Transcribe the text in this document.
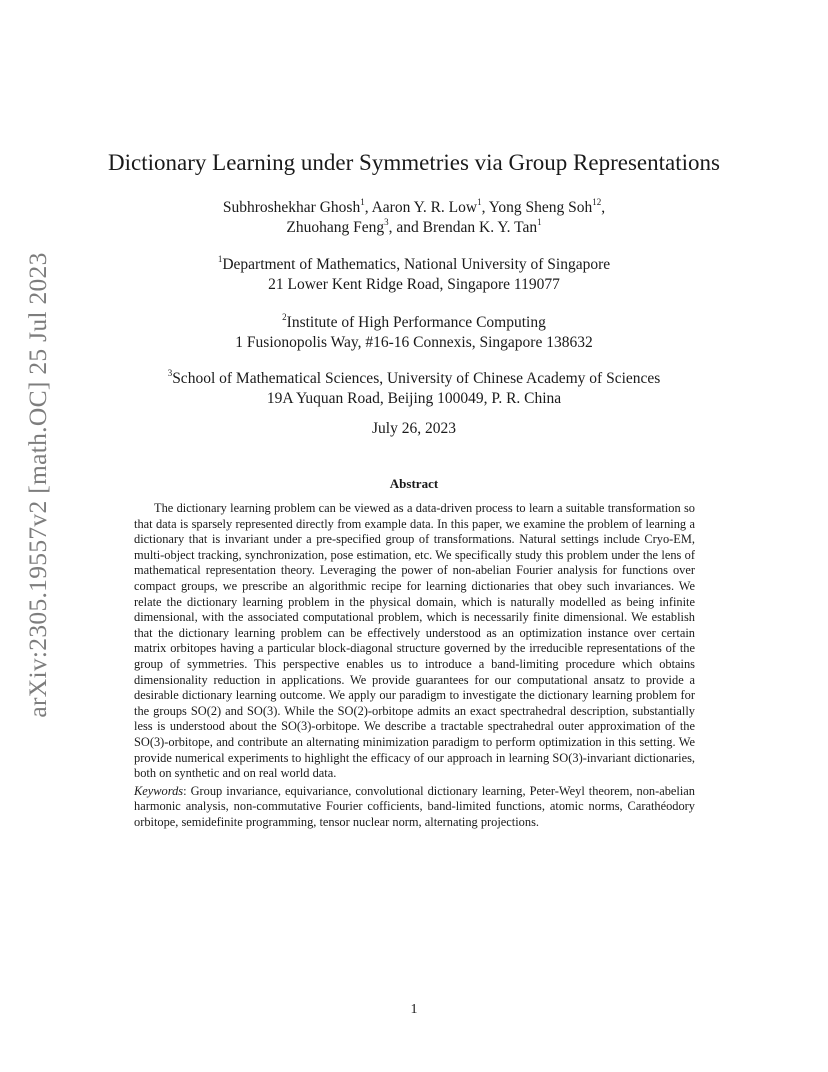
arXiv:2305.19557v2 [math.OC] 25 Jul 2023
Dictionary Learning under Symmetries via Group Representations
Subhroshekhar Ghosh$^1$, Aaron Y. R. Low$^1$, Yong Sheng Soh$^{12}$,
Zhuohang Feng$^3$, and Brendan K. Y. Tan$^1$
$^1$Department of Mathematics, National University of Singapore
21 Lower Kent Ridge Road, Singapore 119077
$^2$Institute of High Performance Computing
1 Fusionopolis Way, #16-16 Connexis, Singapore 138632
$^3$School of Mathematical Sciences, University of Chinese Academy of Sciences
19A Yuquan Road, Beijing 100049, P. R. China
July 26, 2023
Abstract

The dictionary learning problem can be viewed as a data-driven process to learn a suitable transformation so that data is sparsely represented directly from example data. In this paper, we examine the problem of learning a dictionary that is invariant under a pre-specified group of transformations. Natural settings include Cryo-EM, multi-object tracking, synchronization, pose estimation, etc. We specifically study this problem under the lens of mathematical representation theory. Leveraging the power of non-abelian Fourier analysis for functions over compact groups, we prescribe an algorithmic recipe for learning dictionaries that obey such invariances. We relate the dictionary learning problem in the physical domain, which is naturally modelled as being infinite dimensional, with the associated computational problem, which is necessarily finite dimensional. We establish that the dictionary learning problem can be effectively understood as an optimization instance over certain matrix orbitopes having a particular block-diagonal structure governed by the irreducible representations of the group of symmetries. This perspective enables us to introduce a band-limiting procedure which obtains dimensionality reduction in applications. We provide guarantees for our computational ansatz to provide a desirable dictionary learning outcome. We apply our paradigm to investigate the dictionary learning problem for the groups SO(2) and SO(3). While the SO(2)-orbitope admits an exact spectrahedral description, substantially less is understood about the SO(3)-orbitope. We describe a tractable spectrahedral outer approximation of the SO(3)-orbitope, and contribute an alternating minimization paradigm to perform optimization in this setting. We provide numerical experiments to highlight the efficacy of our approach in learning SO(3)-invariant dictionaries, both on synthetic and on real world data.

Keywords: Group invariance, equivariance, convolutional dictionary learning, Peter-Weyl theorem, non-abelian harmonic analysis, non-commutative Fourier cofficients, band-limited functions, atomic norms, Carathéodory orbitope, semidefinite programming, tensor nuclear norm, alternating projections.

1
